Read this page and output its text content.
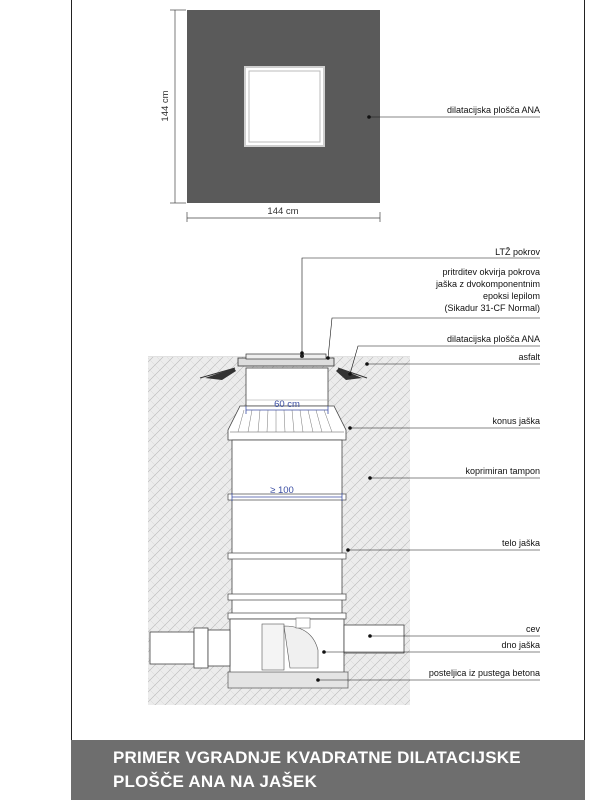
144 cm
144 cm
dilatacijska plošča ANA
60 cm
≥ 100
LTŽ pokrov
pritrditev okvirja pokrova
jaška z dvokomponentnim
epoksi lepilom
(Sikadur 31-CF Normal)
dilatacijska plošča ANA
asfalt
konus jaška
koprimiran tampon
telo jaška
cev
dno jaška
posteljica iz pustega betona
PRIMER VGRADNJE KVADRATNE DILATACIJSKE
PLOŠČE ANA NA JAŠEK
